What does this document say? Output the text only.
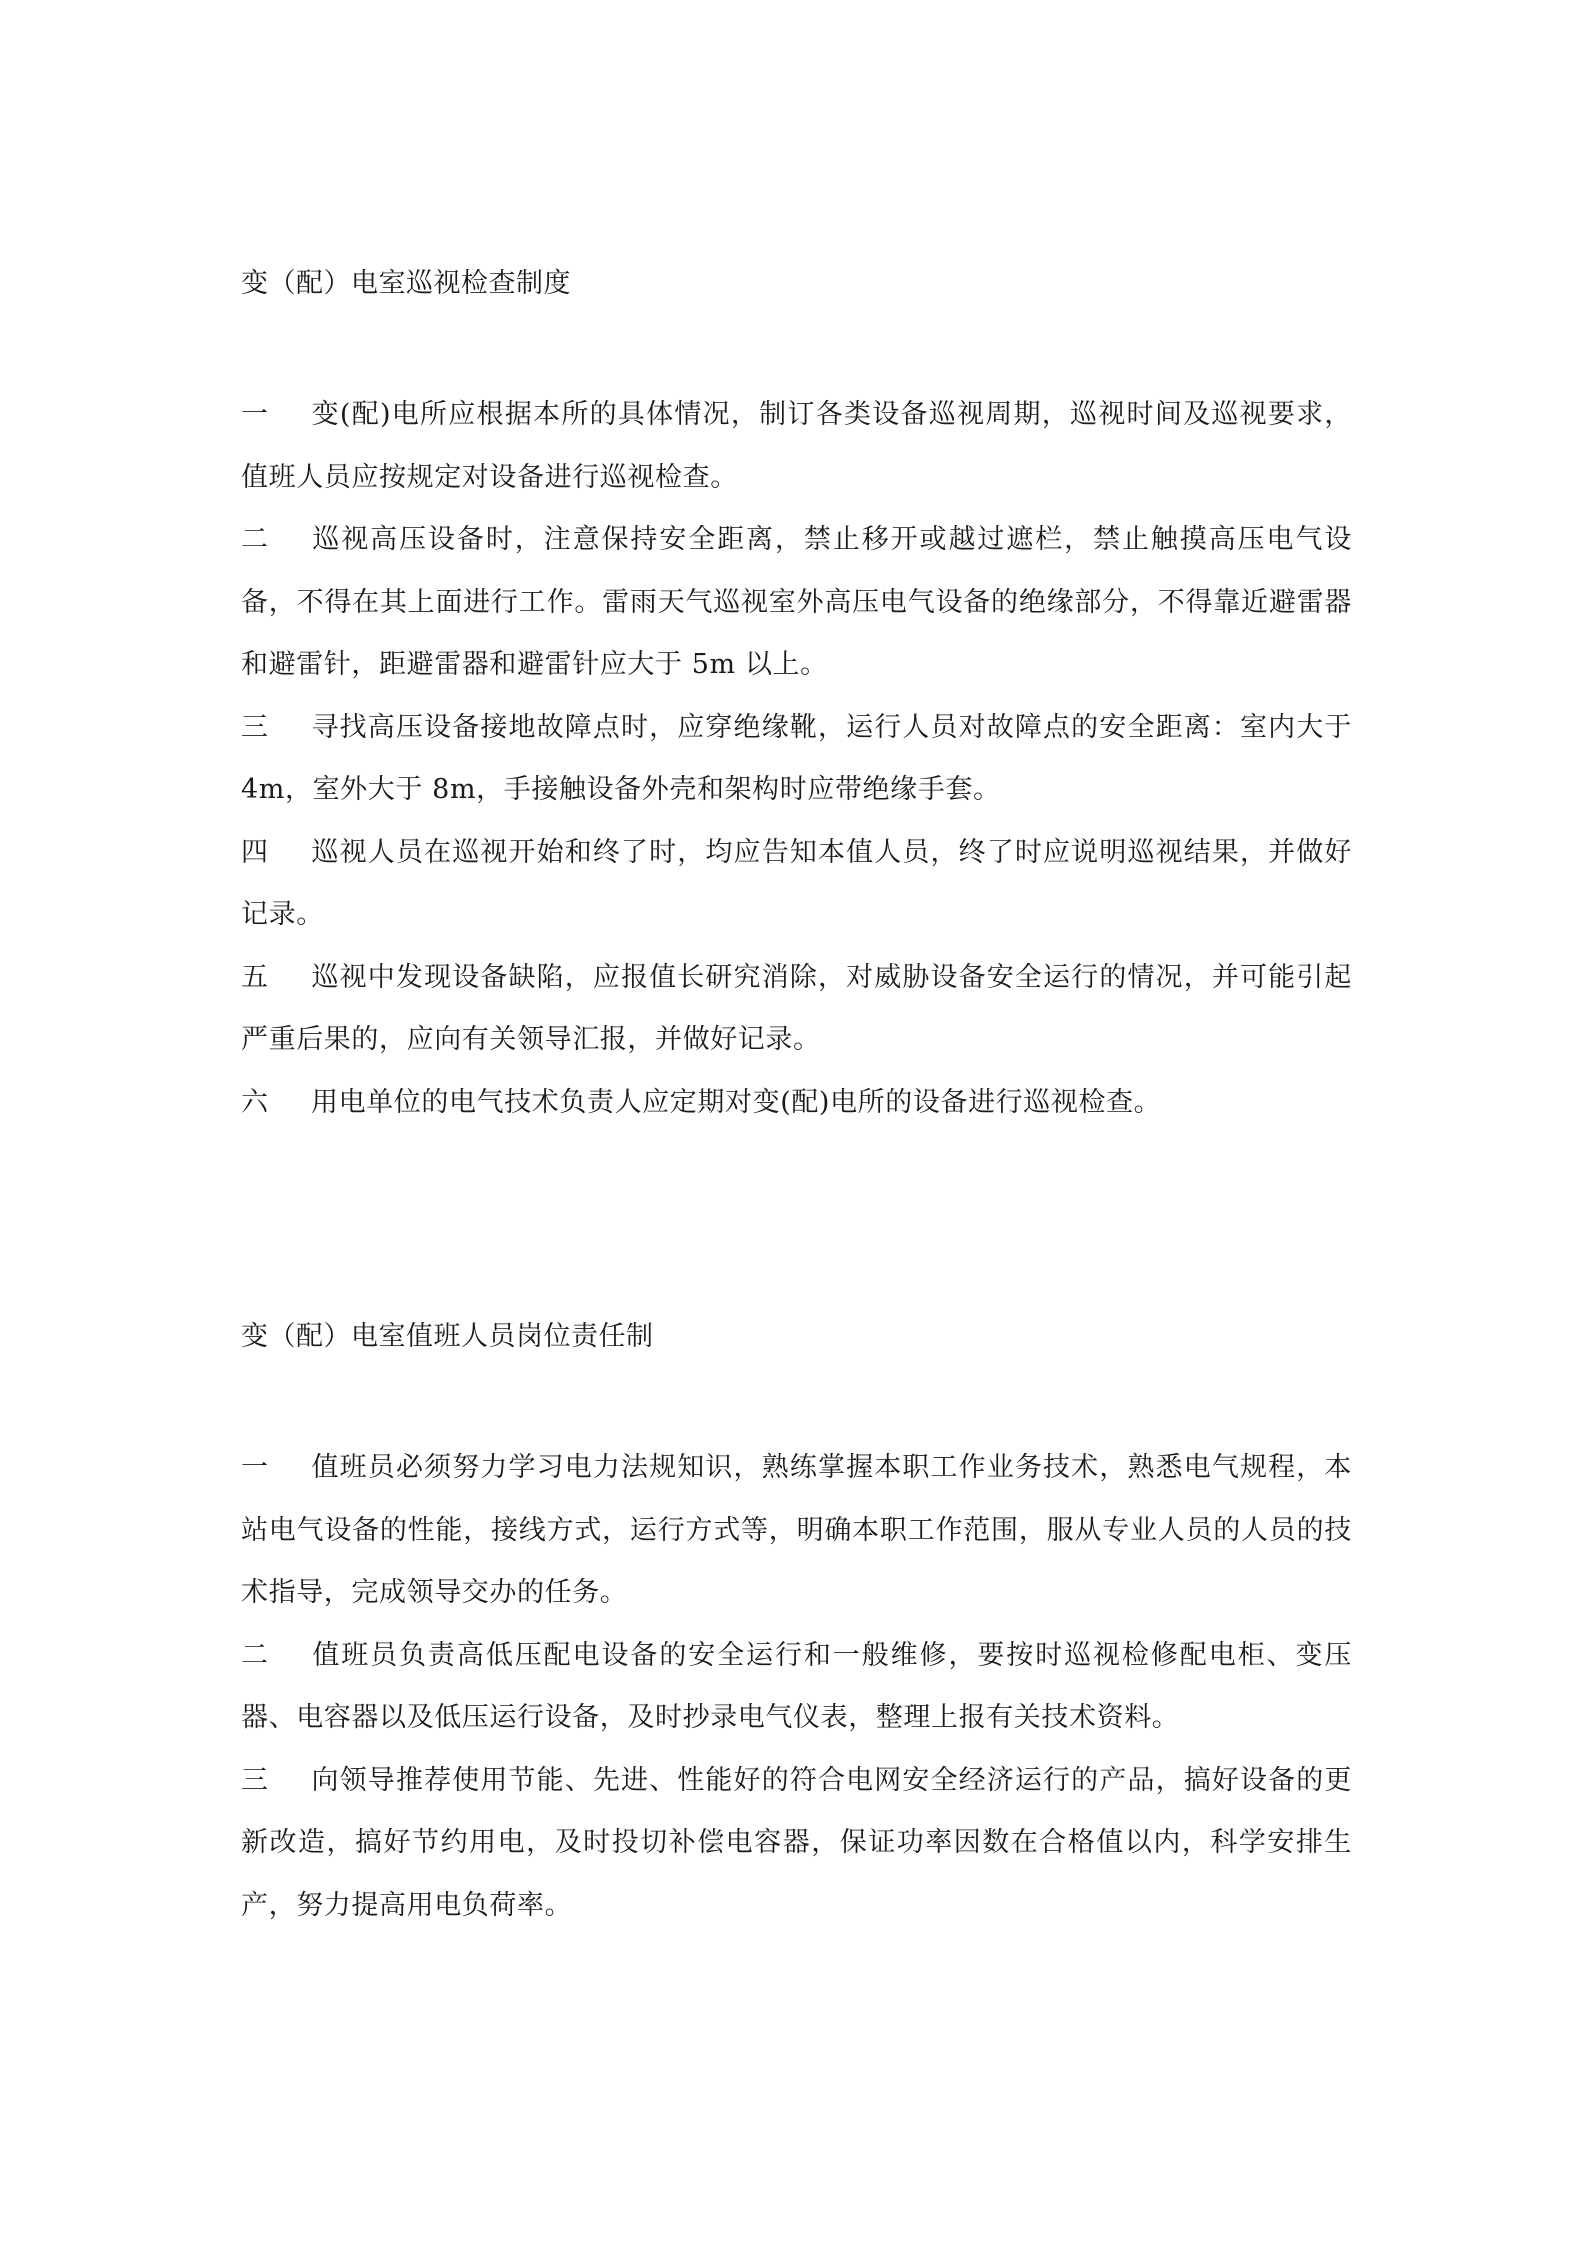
变（配）电室巡视检查制度
一 变(配)电所应根据本所的具体情况，制订各类设备巡视周期，巡视时间及巡视要求，值班人员应按规定对设备进行巡视检查。
二 巡视高压设备时，注意保持安全距离，禁止移开或越过遮栏，禁止触摸高压电气设备，不得在其上面进行工作。雷雨天气巡视室外高压电气设备的绝缘部分，不得靠近避雷器和避雷针，距避雷器和避雷针应大于 5m 以上。
三 寻找高压设备接地故障点时，应穿绝缘靴，运行人员对故障点的安全距离：室内大于 4m，室外大于 8m，手接触设备外壳和架构时应带绝缘手套。
四 巡视人员在巡视开始和终了时，均应告知本值人员，终了时应说明巡视结果，并做好记录。
五 巡视中发现设备缺陷，应报值长研究消除，对威胁设备安全运行的情况，并可能引起严重后果的，应向有关领导汇报，并做好记录。
六 用电单位的电气技术负责人应定期对变(配)电所的设备进行巡视检查。
变（配）电室值班人员岗位责任制
一 值班员必须努力学习电力法规知识，熟练掌握本职工作业务技术，熟悉电气规程，本站电气设备的性能，接线方式，运行方式等，明确本职工作范围，服从专业人员的人员的技术指导，完成领导交办的任务。
二 值班员负责高低压配电设备的安全运行和一般维修，要按时巡视检修配电柜、变压器、电容器以及低压运行设备，及时抄录电气仪表，整理上报有关技术资料。
三 向领导推荐使用节能、先进、性能好的符合电网安全经济运行的产品，搞好设备的更新改造，搞好节约用电，及时投切补偿电容器，保证功率因数在合格值以内，科学安排生产，努力提高用电负荷率。
